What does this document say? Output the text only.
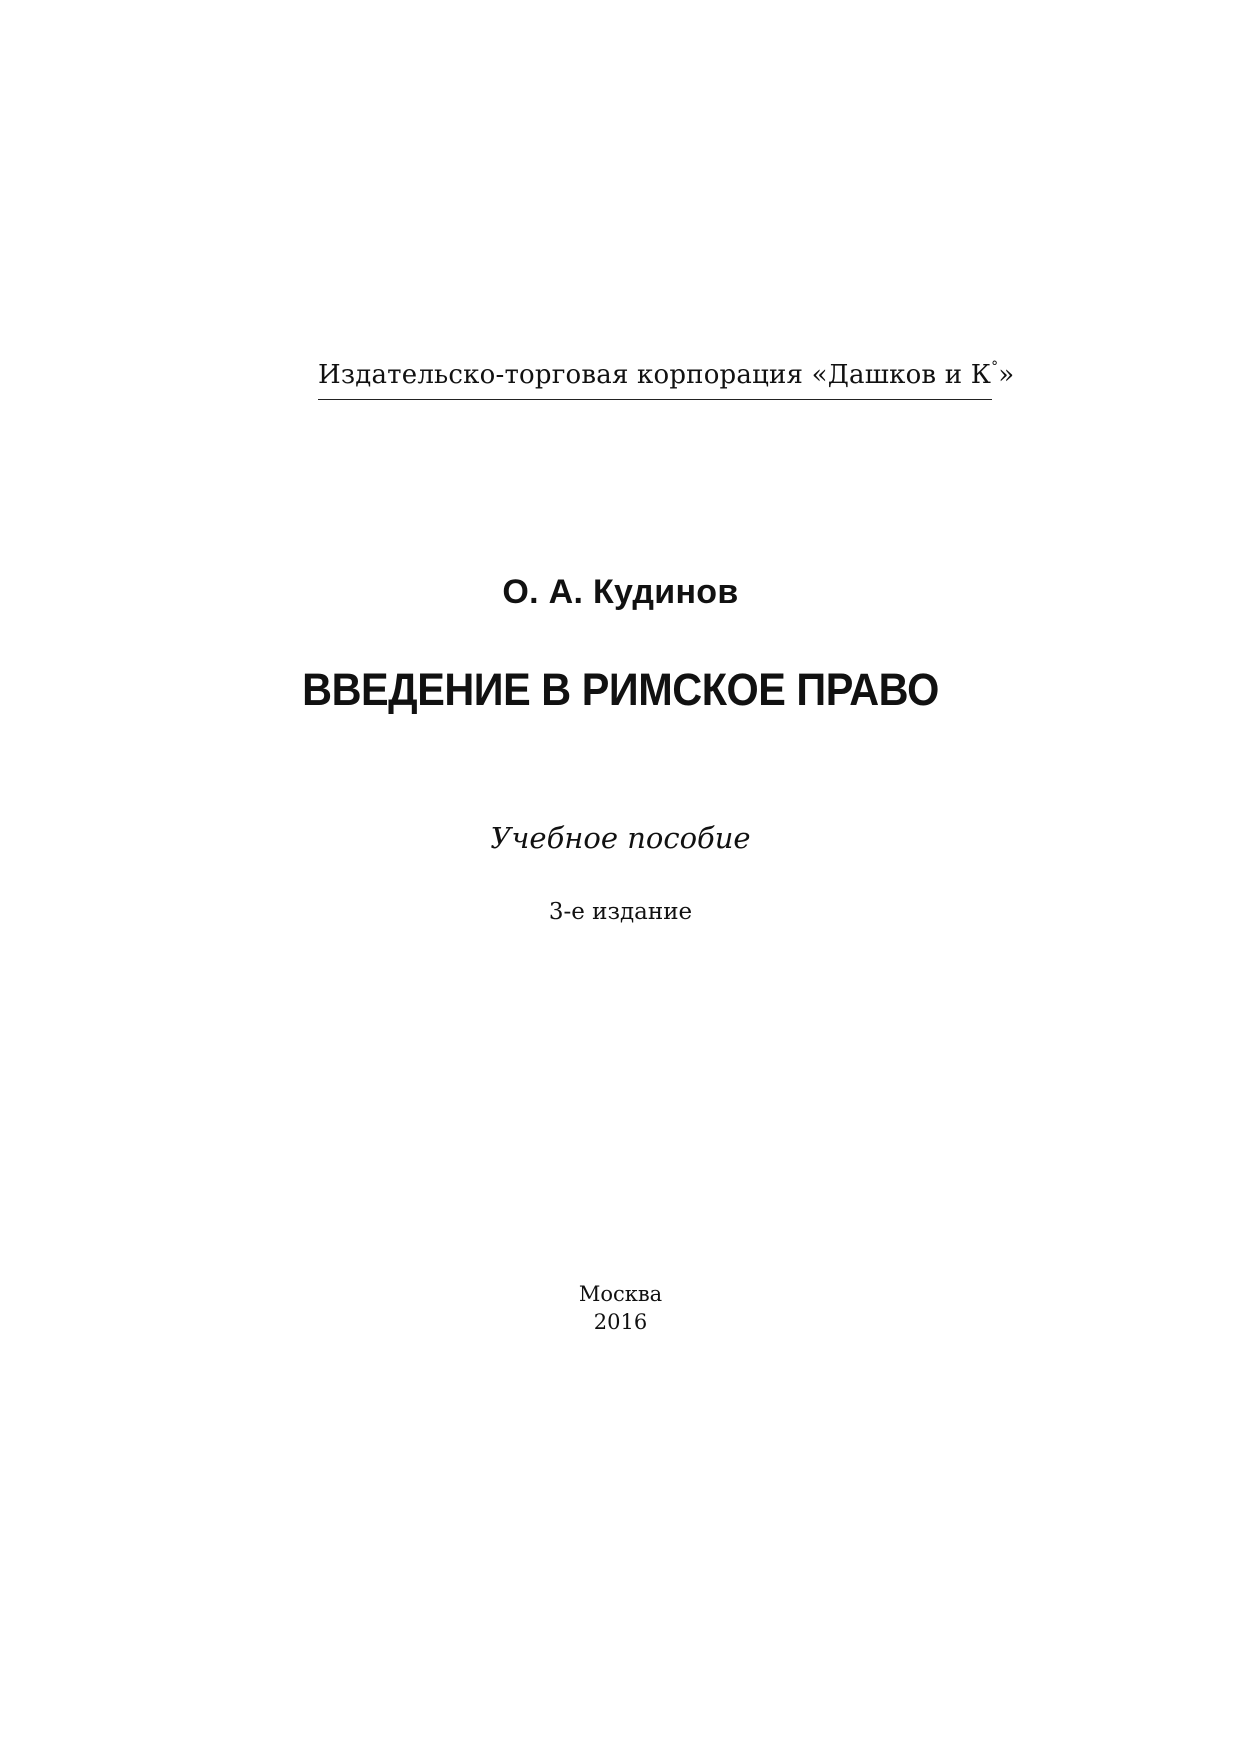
Издательско-торговая корпорация «Дашков и К°»
О. А. Кудинов
ВВЕДЕНИЕ В РИМСКОЕ ПРАВО
Учебное пособие
3-е издание
Москва
2016
